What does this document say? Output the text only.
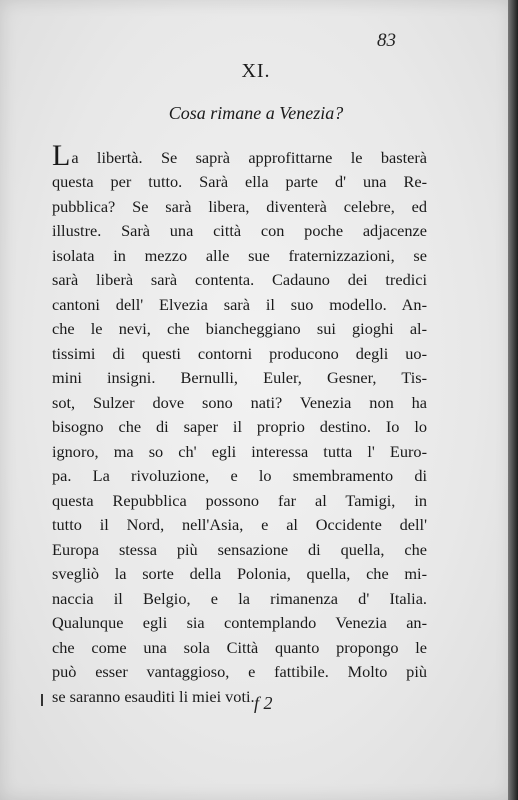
83
XI.
Cosa rimane a Venezia?
La libertà. Se saprà approfittarne le basterà
questa per tutto. Sarà ella parte d' una Re-
pubblica? Se sarà libera, diventerà celebre, ed
illustre. Sarà una città con poche adjacenze
isolata in mezzo alle sue fraternizzazioni, se
sarà liberà sarà contenta. Cadauno dei tredici
cantoni dell' Elvezia sarà il suo modello. An-
che le nevi, che biancheggiano sui gioghi al-
tissimi di questi contorni producono degli uo-
mini insigni. Bernulli, Euler, Gesner, Tis-
sot, Sulzer dove sono nati? Venezia non ha
bisogno che di saper il proprio destino. Io lo
ignoro, ma so ch' egli interessa tutta l' Euro-
pa. La rivoluzione, e lo smembramento di
questa Repubblica possono far al Tamigi, in
tutto il Nord, nell'Asia, e al Occidente dell'
Europa stessa più sensazione di quella, che
svegliò la sorte della Polonia, quella, che mi-
naccia il Belgio, e la rimanenza d' Italia.
Qualunque egli sia contemplando Venezia an-
che come una sola Città quanto propongo le
può esser vantaggioso, e fattibile. Molto più
se saranno esauditi li miei voti. f 2
